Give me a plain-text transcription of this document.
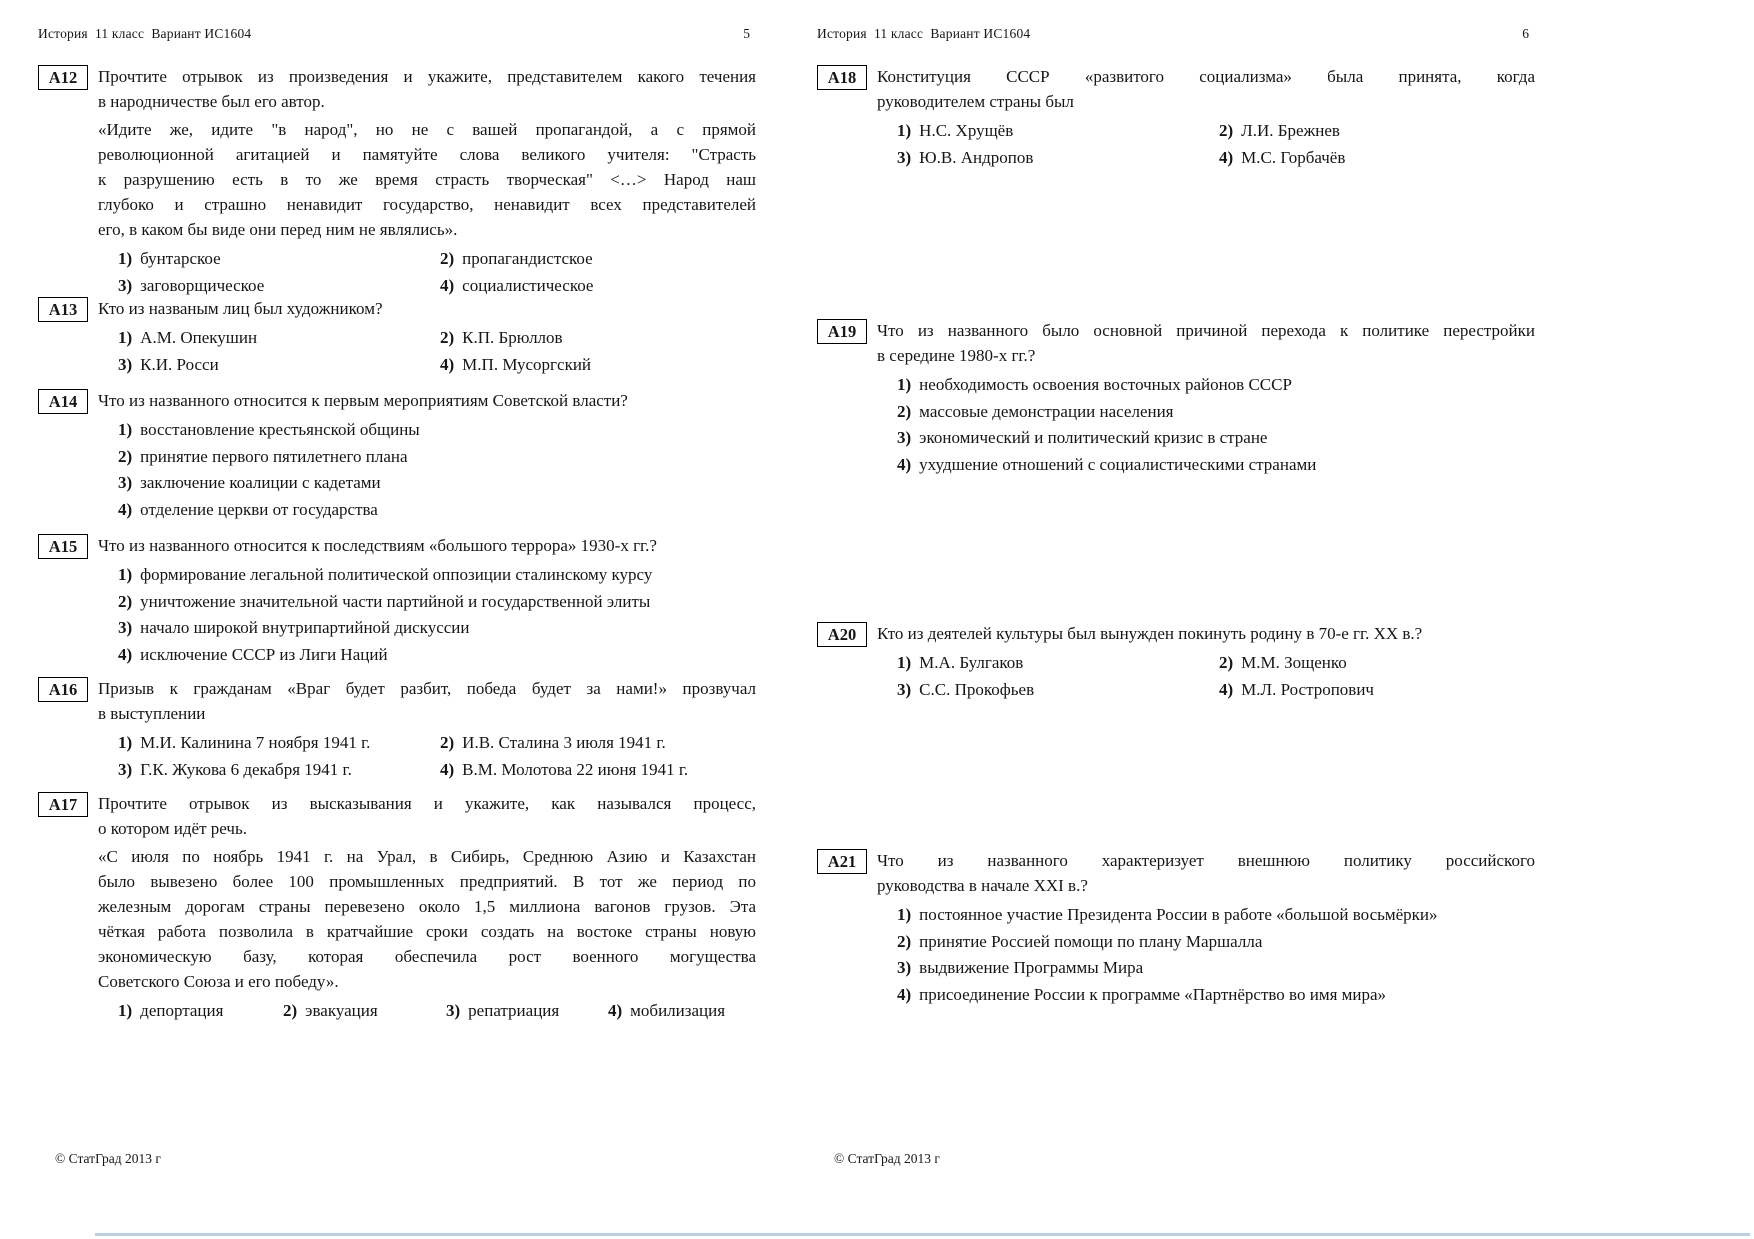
История  11 класс  Вариант ИС1604	5
A12	Прочтите отрывок из произведения и укажите, представителем какого течения
в народничестве был его автор.
«Идите же, идите "в народ", но не с вашей пропагандой, а с прямой
революционной агитацией и памятуйте слова великого учителя: "Страсть
к разрушению есть в то же время страсть творческая" <…> Народ наш
глубоко и страшно ненавидит государство, ненавидит всех представителей
его, в каком бы виде они перед ним не являлись».
1) бунтарское	2) пропагандистское
3) заговорщическое	4) социалистическое
A13	Кто из названым лиц был художником?
1) А.М. Опекушин	2) К.П. Брюллов
3) К.И. Росси	4) М.П. Мусоргский
A14	Что из названного относится к первым мероприятиям Советской власти?
1) восстановление крестьянской общины
2) принятие первого пятилетнего плана
3) заключение коалиции с кадетами
4) отделение церкви от государства
A15	Что из названного относится к последствиям «большого террора» 1930-х гг.?
1) формирование легальной политической оппозиции сталинскому курсу
2) уничтожение значительной части партийной и государственной элиты
3) начало широкой внутрипартийной дискуссии
4) исключение СССР из Лиги Наций
A16	Призыв к гражданам «Враг будет разбит, победа будет за нами!» прозвучал
в выступлении
1) М.И. Калинина 7 ноября 1941 г.	2) И.В. Сталина 3 июля 1941 г.
3) Г.К. Жукова 6 декабря 1941 г.	4) В.М. Молотова 22 июня 1941 г.
A17	Прочтите отрывок из высказывания и укажите, как назывался процесс,
о котором идёт речь.
«С июля по ноябрь 1941 г. на Урал, в Сибирь, Среднюю Азию и Казахстан
было вывезено более 100 промышленных предприятий. В тот же период по
железным дорогам страны перевезено около 1,5 миллиона вагонов грузов. Эта
чёткая работа позволила в кратчайшие сроки создать на востоке страны новую
экономическую базу, которая обеспечила рост военного могущества
Советского Союза и его победу».
1) депортация	2) эвакуация	3) репатриация	4) мобилизация
© СтатГрад 2013 г
История  11 класс  Вариант ИС1604	6
A18	Конституция СССР «развитого социализма» была принята, когда
руководителем страны был
1) Н.С. Хрущёв	2) Л.И. Брежнев
3) Ю.В. Андропов	4) М.С. Горбачёв
A19	Что из названного было основной причиной перехода к политике перестройки
в середине 1980-х гг.?
1) необходимость освоения восточных районов СССР
2) массовые демонстрации населения
3) экономический и политический кризис в стране
4) ухудшение отношений с социалистическими странами
A20	Кто из деятелей культуры был вынужден покинуть родину в 70-е гг. XX в.?
1) М.А. Булгаков	2) М.М. Зощенко
3) С.С. Прокофьев	4) М.Л. Ростропович
A21	Что из названного характеризует внешнюю политику российского
руководства в начале XXI в.?
1) постоянное участие Президента России в работе «большой восьмёрки»
2) принятие Россией помощи по плану Маршалла
3) выдвижение Программы Мира
4) присоединение России к программе «Партнёрство во имя мира»
© СтатГрад 2013 г
